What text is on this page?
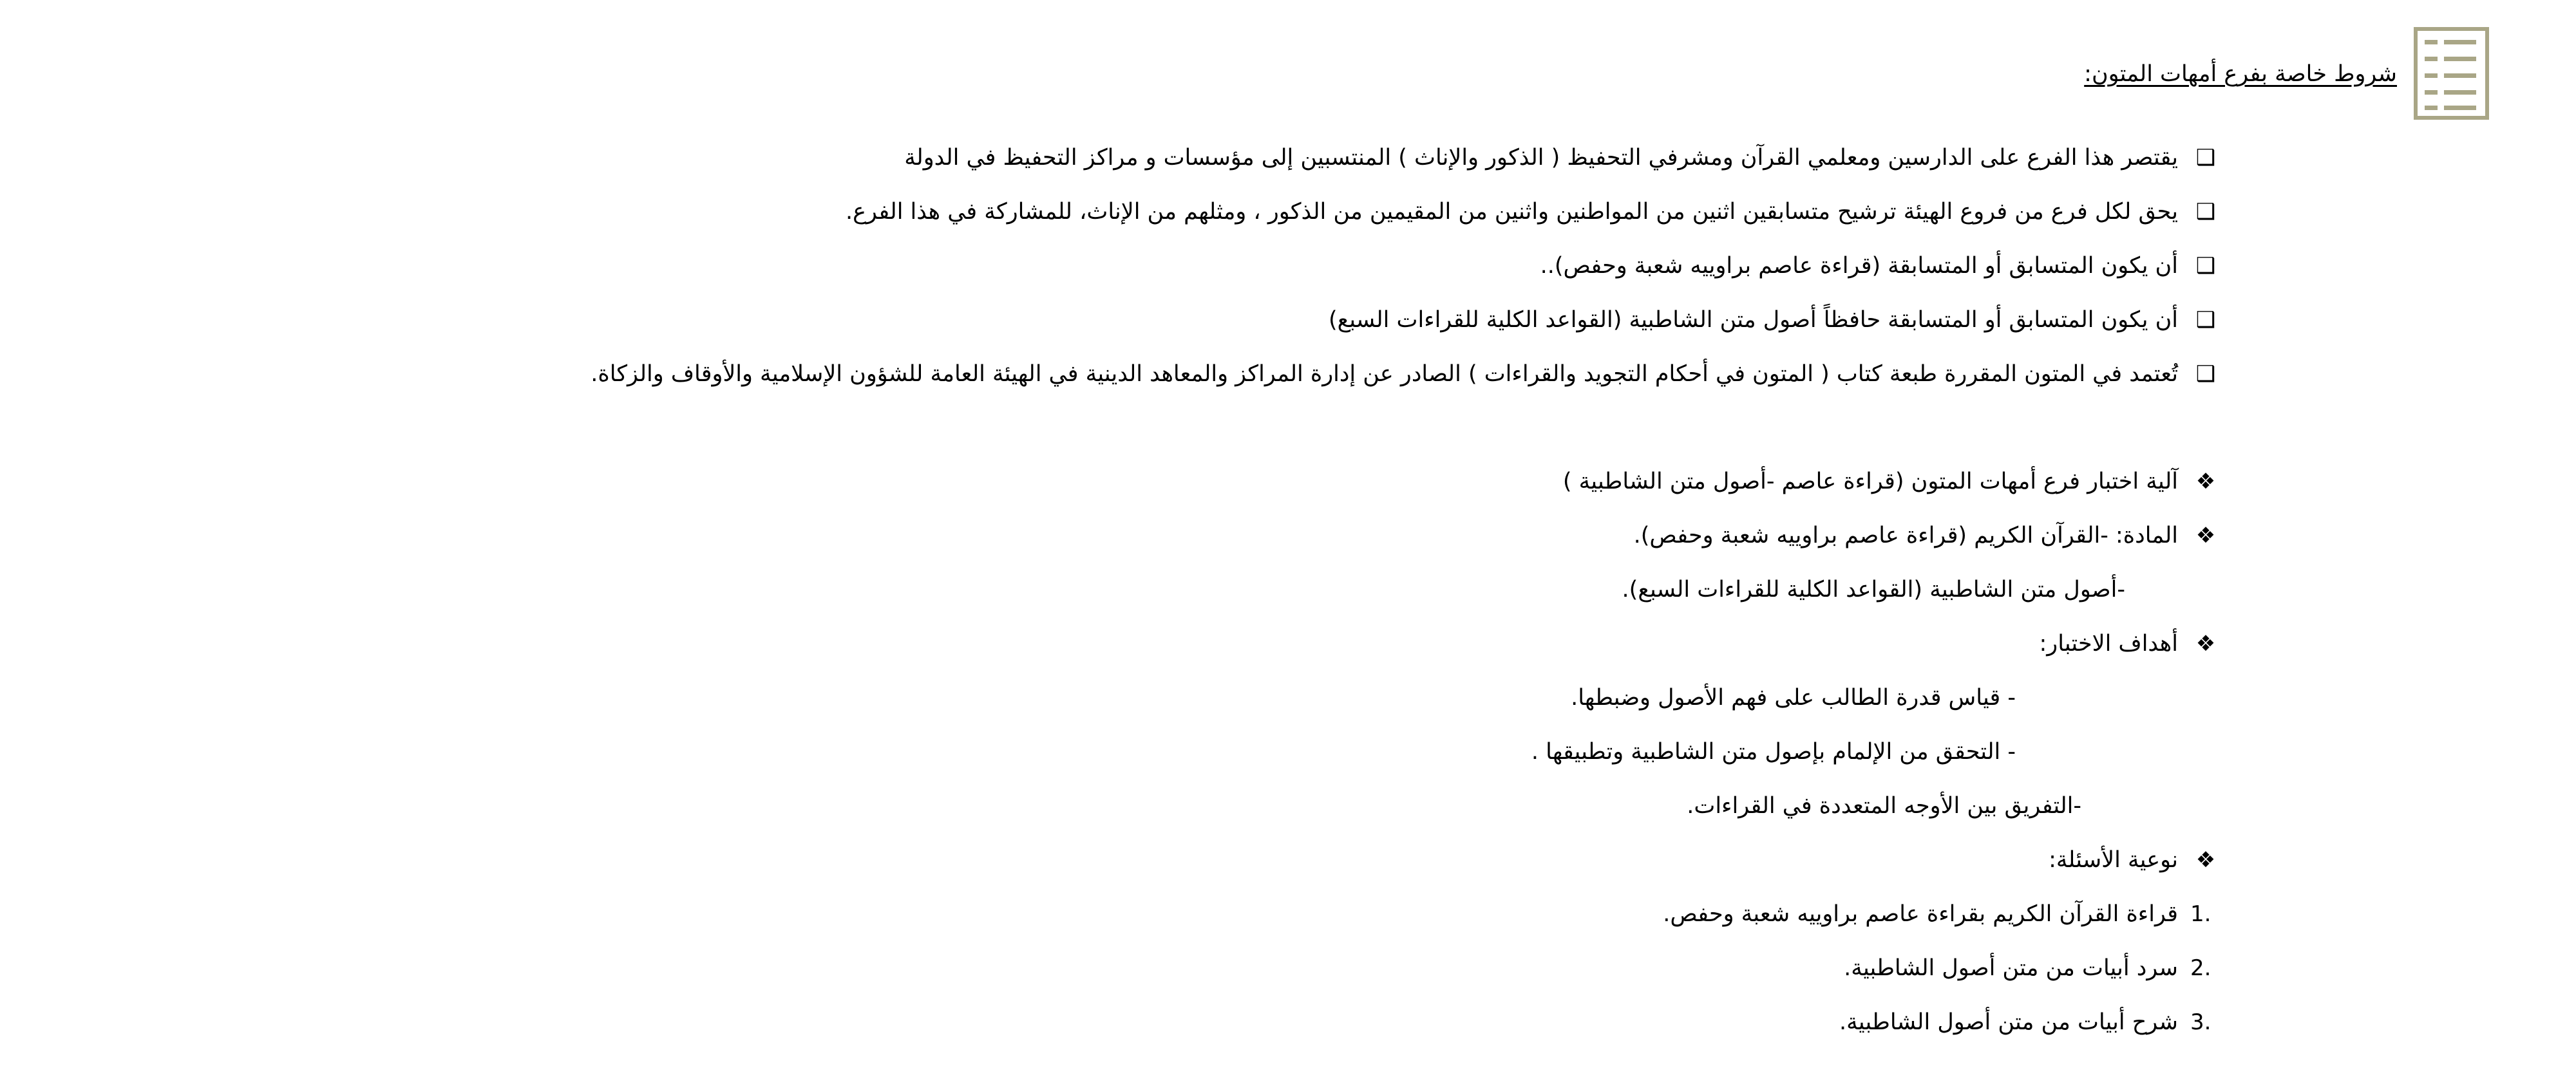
شروط خاصة بفرع أمهات المتون:
❑
يقتصر هذا الفرع على الدارسين ومعلمي القرآن ومشرفي التحفيظ ( الذكور والإناث ) المنتسبين إلى مؤسسات و مراكز التحفيظ في الدولة
❑
يحق لكل فرع من فروع الهيئة ترشيح متسابقين اثنين من المواطنين واثنين من المقيمين من الذكور ، ومثلهم من الإناث، للمشاركة في هذا الفرع.
❑
أن يكون المتسابق أو المتسابقة (قراءة عاصم براوييه شعبة وحفص)..
❑
أن يكون المتسابق أو المتسابقة حافظاً أصول متن الشاطبية (القواعد الكلية للقراءات السبع)
❑
تُعتمد في المتون المقررة طبعة كتاب ( المتون في أحكام التجويد والقراءات ) الصادر عن إدارة المراكز والمعاهد الدينية في الهيئة العامة للشؤون الإسلامية والأوقاف والزكاة.
❖
آلية اختبار فرع أمهات المتون (قراءة عاصم -أصول متن الشاطبية )
❖
المادة: -القرآن الكريم (قراءة عاصم براوييه شعبة وحفص).
-أصول متن الشاطبية (القواعد الكلية للقراءات السبع).
❖
أهداف الاختبار:
- قياس قدرة الطالب على فهم الأصول وضبطها.
- التحقق من الإلمام بإصول متن الشاطبية وتطبيقها .
-التفريق بين الأوجه المتعددة في القراءات.
❖
نوعية الأسئلة:
1.
قراءة القرآن الكريم بقراءة عاصم براوييه شعبة وحفص.
2.
سرد أبيات من متن أصول الشاطبية.
3.
شرح أبيات من متن أصول الشاطبية.
